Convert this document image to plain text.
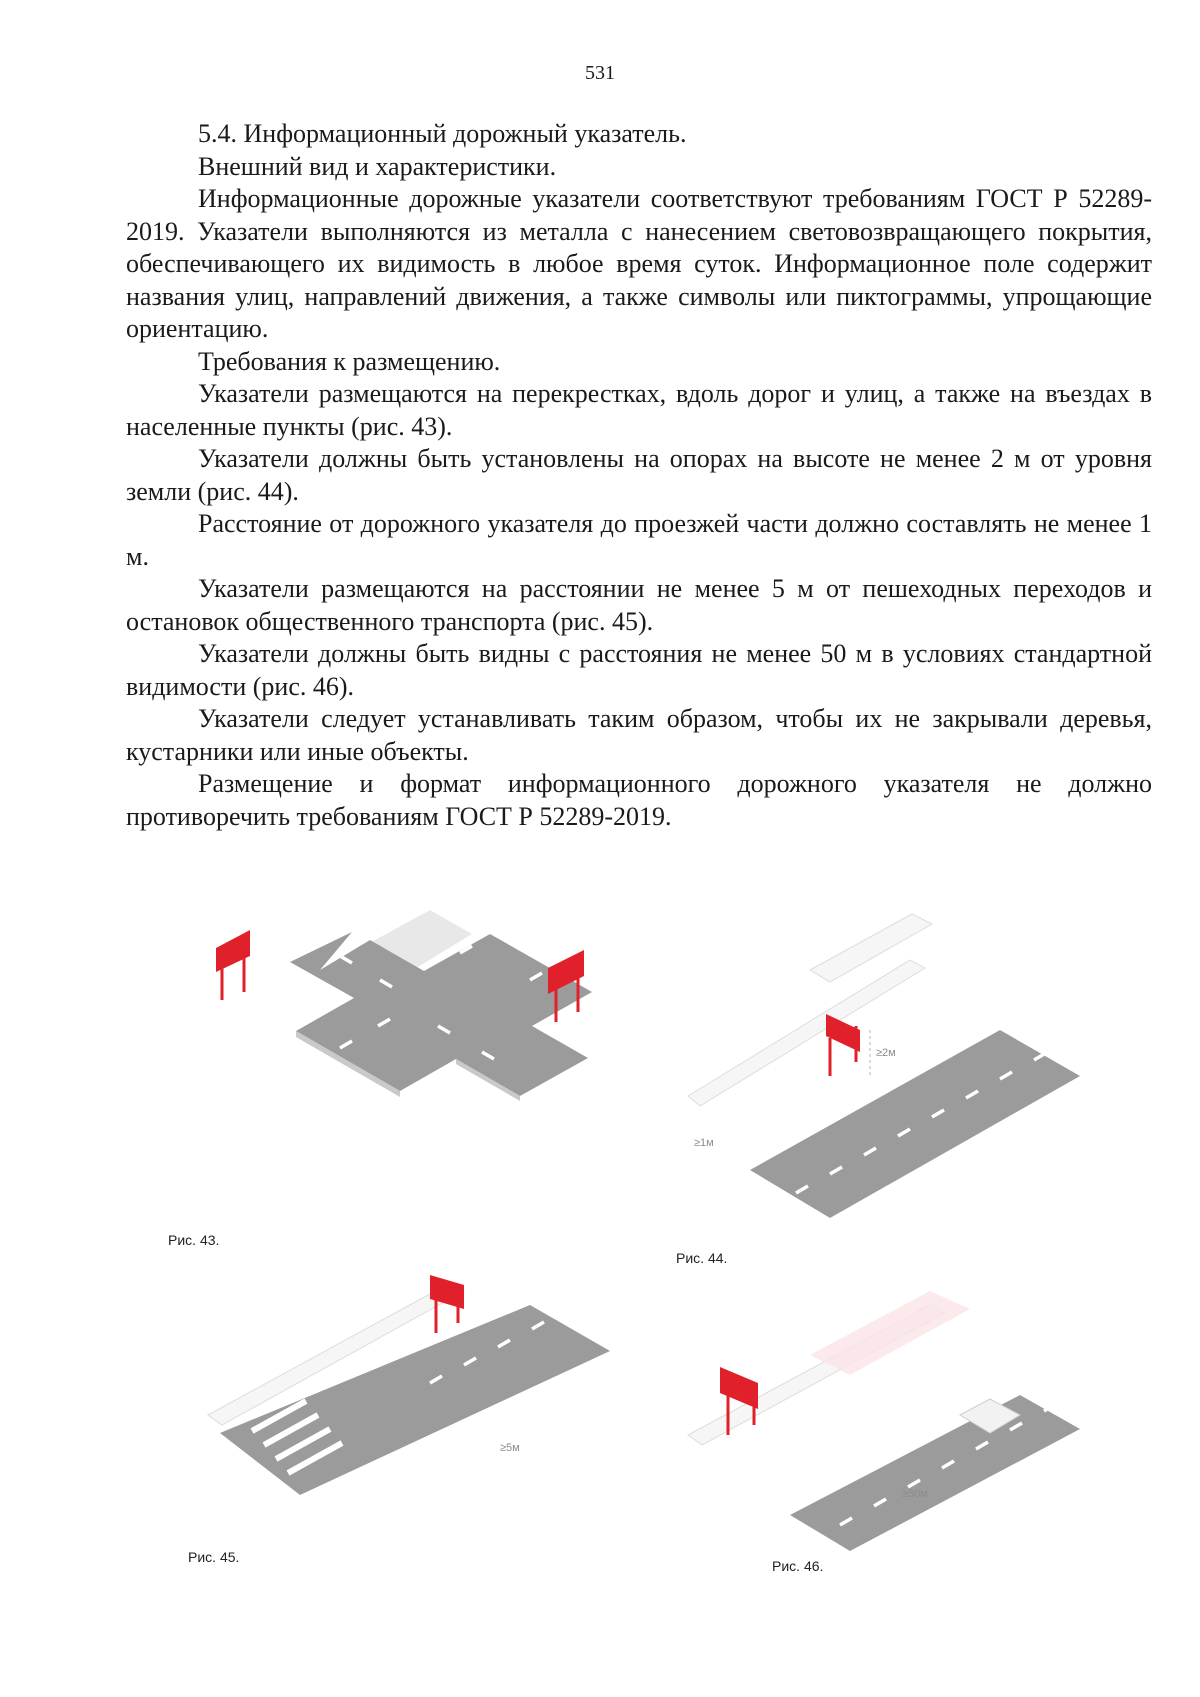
531

5.4. Информационный дорожный указатель.

Внешний вид и характеристики.

Информационные дорожные указатели соответствуют требованиям ГОСТ Р 52289-2019. Указатели выполняются из металла с нанесением световозвращающего покрытия, обеспечивающего их видимость в любое время суток. Информационное поле содержит названия улиц, направлений движения, а также символы или пиктограммы, упрощающие ориентацию.

Требования к размещению.

Указатели размещаются на перекрестках, вдоль дорог и улиц, а также на въездах в населенные пункты (рис. 43).

Указатели должны быть установлены на опорах на высоте не менее 2 м от уровня земли (рис. 44).

Расстояние от дорожного указателя до проезжей части должно составлять не менее 1 м.

Указатели размещаются на расстоянии не менее 5 м от пешеходных переходов и остановок общественного транспорта (рис. 45).

Указатели должны быть видны с расстояния не менее 50 м в условиях стандартной видимости (рис. 46).

Указатели следует устанавливать таким образом, чтобы их не закрывали деревья, кустарники или иные объекты.

Размещение и формат информационного дорожного указателя не должно противоречить требованиям ГОСТ Р 52289-2019.

Рис. 43.
≥2м
≥1м
Рис. 44.
≥5м
Рис. 45.
≥50м
Рис. 46.
